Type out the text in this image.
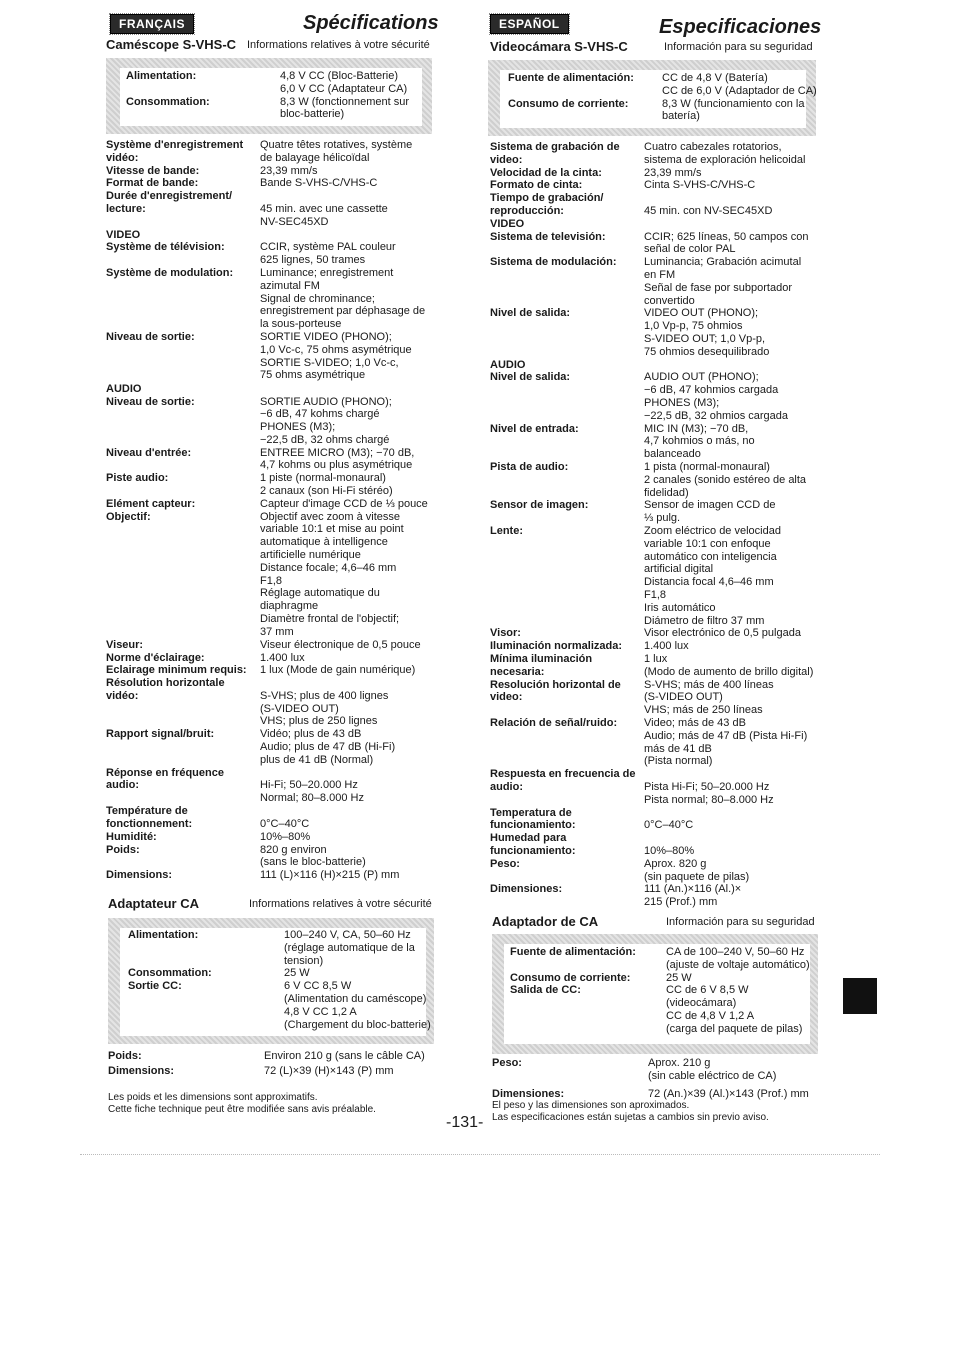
FRANÇAIS	Spécifications
Caméscope S-VHS-C Informations relatives à votre sécurité
Alimentation:	4,8 V CC (Bloc-Batterie)
6,0 V CC (Adaptateur CA)
Consommation:	8,3 W (fonctionnement sur
bloc-batterie)
Système d'enregistrement
vidéo:
Quatre têtes rotatives, système
de balayage hélicoïdal
Vitesse de bande:	23,39 mm/s
Format de bande:	Bande S-VHS-C/VHS-C
Durée d'enregistrement/
lecture:	
45 min. avec une cassette
NV-SEC45XD
VIDEO
Système de télévision:	CCIR, système PAL couleur
625 lignes, 50 trames
Système de modulation: Luminance; enregistrement
azimutal FM
Signal de chrominance;
enregistrement par déphasage de
la sous-porteuse
Niveau de sortie:	SORTIE VIDEO (PHONO);
1,0 Vc-c, 75 ohms asymétrique
SORTIE S-VIDEO; 1,0 Vc-c,
75 ohms asymétrique
AUDIO
Niveau de sortie:	SORTIE AUDIO (PHONO);
−6 dB, 47 kohms chargé
PHONES (M3);
−22,5 dB, 32 ohms chargé
Niveau d'entrée:	ENTREE MICRO (M3); −70 dB,
4,7 kohms ou plus asymétrique
Piste audio:	1 piste (normal-monaural)
2 canaux (son Hi-Fi stéréo)
Elément capteur:	Capteur d'image CCD de ⅓ pouce
Objectif:	Objectif avec zoom à vitesse
variable 10:1 et mise au point
automatique à intelligence
artificielle numérique
Distance focale; 4,6–46 mm
F1,8
Réglage automatique du
diaphragme
Diamètre frontal de l'objectif;
37 mm
Viseur:	Viseur électronique de 0,5 pouce
Norme d'éclairage:	1.400 lux
Eclairage minimum requis: 1 lux (Mode de gain numérique)
Résolution horizontale
vidéo:	
S-VHS; plus de 400 lignes
(S-VIDEO OUT)
VHS; plus de 250 lignes
Rapport signal/bruit:	Vidéo; plus de 43 dB
Audio; plus de 47 dB (Hi-Fi)
plus de 41 dB (Normal)
Réponse en fréquence
audio:	
Hi-Fi; 50–20.000 Hz
Normal; 80–8.000 Hz
Température de
fonctionnement:	
0°C–40°C
Humidité:	10%–80%
Poids:	820 g environ
(sans le bloc-batterie)
Dimensions:	111 (L)×116 (H)×215 (P) mm
Adaptateur CA	Informations relatives à votre sécurité
Alimentation:	100–240 V, CA, 50–60 Hz
(réglage automatique de la
tension)
Consommation:	25 W
Sortie CC:	6 V CC 8,5 W
(Alimentation du caméscope)
4,8 V CC 1,2 A
(Chargement du bloc-batterie)
Poids:	Environ 210 g (sans le câble CA)
Dimensions:	72 (L)×39 (H)×143 (P) mm
Les poids et les dimensions sont approximatifs.
Cette fiche technique peut être modifiée sans avis préalable.
ESPAÑOL	Especificaciones
Videocámara S-VHS-C	Información para su seguridad
Fuente de alimentación:	CC de 4,8 V (Batería)
CC de 6,0 V (Adaptador de CA)
Consumo de corriente:	8,3 W (funcionamiento con la
batería)
Sistema de grabación de
video:
Cuatro cabezales rotatorios,
sistema de exploración helicoidal
Velocidad de la cinta:	23,39 mm/s
Formato de cinta:	Cinta S-VHS-C/VHS-C
Tiempo de grabación/
reproducción:	
45 min. con NV-SEC45XD
VIDEO
Sistema de televisión:	CCIR; 625 líneas, 50 campos con
señal de color PAL
Sistema de modulación: Luminancia; Grabación acimutal
en FM
Señal de fase por subportador
convertido
Nivel de salida:	VIDEO OUT (PHONO);
1,0 Vp-p, 75 ohmios
S-VIDEO OUT; 1,0 Vp-p,
75 ohmios desequilibrado
AUDIO
Nivel de salida:	AUDIO OUT (PHONO);
−6 dB, 47 kohmios cargada
PHONES (M3);
−22,5 dB, 32 ohmios cargada
Nivel de entrada:	MIC IN (M3); −70 dB,
4,7 kohmios o más, no
balanceado
Pista de audio:	1 pista (normal-monaural)
2 canales (sonido estéreo de alta
fidelidad)
Sensor de imagen:	Sensor de imagen CCD de
⅓ pulg.
Lente:	Zoom eléctrico de velocidad
variable 10:1 con enfoque
automático con inteligencia
artificial digital
Distancia focal 4,6–46 mm
F1,8
Iris automático
Diámetro de filtro 37 mm
Visor:	Visor electrónico de 0,5 pulgada
Iluminación normalizada: 1.400 lux
Mínima iluminación
necesaria:
1 lux
(Modo de aumento de brillo digital)
Resolución horizontal de
video:
S-VHS; más de 400 líneas
(S-VIDEO OUT)
VHS; más de 250 líneas
Relación de señal/ruido: Video; más de 43 dB
Audio; más de 47 dB (Pista Hi-Fi)
más de 41 dB
(Pista normal)
Respuesta en frecuencia de
audio:	
Pista Hi-Fi; 50–20.000 Hz
Pista normal; 80–8.000 Hz
Temperatura de
funcionamiento:	
0°C–40°C
Humedad para
funcionamiento:	
10%–80%
Peso:	Aprox. 820 g
(sin paquete de pilas)
Dimensiones:	111 (An.)×116 (Al.)×
215 (Prof.) mm
Adaptador de CA	Información para su seguridad
Fuente de alimentación:	CA de 100–240 V, 50–60 Hz
(ajuste de voltaje automático)
Consumo de corriente:	25 W
Salida de CC:	CC de 6 V 8,5 W
(videocámara)
CC de 4,8 V 1,2 A
(carga del paquete de pilas)
Peso:	Aprox. 210 g
(sin cable eléctrico de CA)
Dimensiones:	72 (An.)×39 (Al.)×143 (Prof.) mm
El peso y las dimensiones son aproximados.
Las especificaciones están sujetas a cambios sin previo aviso.
-131-
